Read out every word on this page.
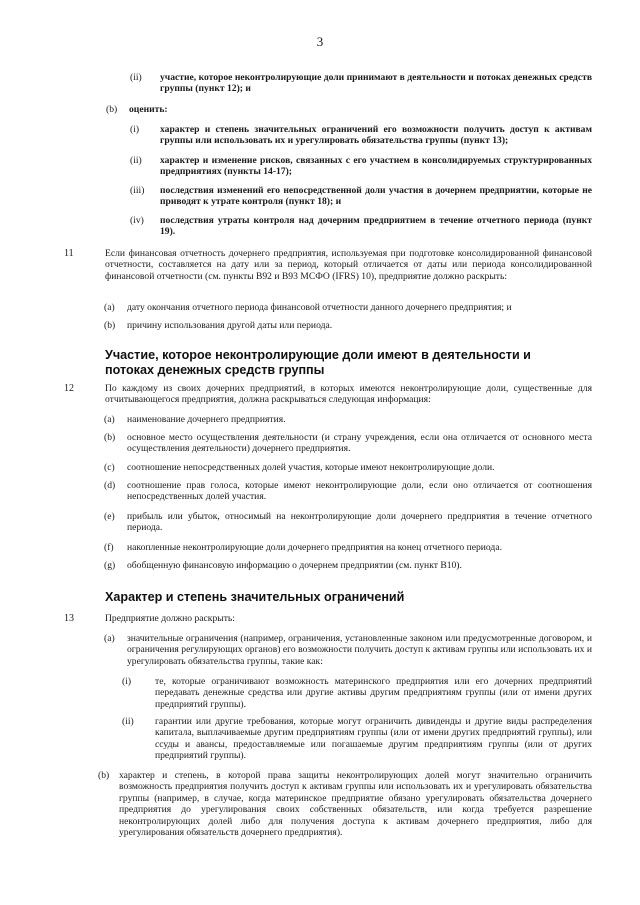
3
(ii)	участие, которое неконтролирующие доли принимают в деятельности и потоках денежных средств группы (пункт 12); и
(b)	оценить:
(i)	характер и степень значительных ограничений его возможности получить доступ к активам группы или использовать их и урегулировать обязательства группы (пункт 13);
(ii)	характер и изменение рисков, связанных с его участием в консолидируемых структурированных предприятиях (пункты 14-17);
(iii)	последствия изменений его непосредственной доли участия в дочернем предприятии, которые не приводят к утрате контроля (пункт 18); и
(iv)	последствия утраты контроля над дочерним предприятием в течение отчетного периода (пункт 19).
11	Если финансовая отчетность дочернего предприятия, используемая при подготовке консолидированной финансовой отчетности, составляется на дату или за период, который отличается от даты или периода консолидированной финансовой отчетности (см. пункты B92 и B93 МСФО (IFRS) 10), предприятие должно раскрыть:
(a)	дату окончания отчетного периода финансовой отчетности данного дочернего предприятия; и
(b)	причину использования другой даты или периода.
Участие, которое неконтролирующие доли имеют в деятельности и потоках денежных средств группы
12	По каждому из своих дочерних предприятий, в которых имеются неконтролирующие доли, существенные для отчитывающегося предприятия, должна раскрываться следующая информация:
(a)	наименование дочернего предприятия.
(b)	основное место осуществления деятельности (и страну учреждения, если она отличается от основного места осуществления деятельности) дочернего предприятия.
(c)	соотношение непосредственных долей участия, которые имеют неконтролирующие доли.
(d)	соотношение прав голоса, которые имеют неконтролирующие доли, если оно отличается от соотношения непосредственных долей участия.
(e)	прибыль или убыток, относимый на неконтролирующие доли дочернего предприятия в течение отчетного периода.
(f)	накопленные неконтролирующие доли дочернего предприятия на конец отчетного периода.
(g)	обобщенную финансовую информацию о дочернем предприятии (см. пункт B10).
Характер и степень значительных ограничений
13	Предприятие должно раскрыть:
(a)	значительные ограничения (например, ограничения, установленные законом или предусмотренные договором, и ограничения регулирующих органов) его возможности получить доступ к активам группы или использовать их и урегулировать обязательства группы, такие как:
(i)	те, которые ограничивают возможность материнского предприятия или его дочерних предприятий передавать денежные средства или другие активы другим предприятиям группы (или от имени других предприятий группы).
(ii)	гарантии или другие требования, которые могут ограничить дивиденды и другие виды распределения капитала, выплачиваемые другим предприятиям группы (или от имени других предприятий группы), или ссуды и авансы, предоставляемые или погашаемые другим предприятиям группы (или от других предприятий группы).
(b)	характер и степень, в которой права защиты неконтролирующих долей могут значительно ограничить возможность предприятия получить доступ к активам группы или использовать их и урегулировать обязательства группы (например, в случае, когда материнское предприятие обязано урегулировать обязательства дочернего предприятия до урегулирования своих собственных обязательств, или когда требуется разрешение неконтролирующих долей либо для получения доступа к активам дочернего предприятия, либо для урегулирования обязательств дочернего предприятия).
